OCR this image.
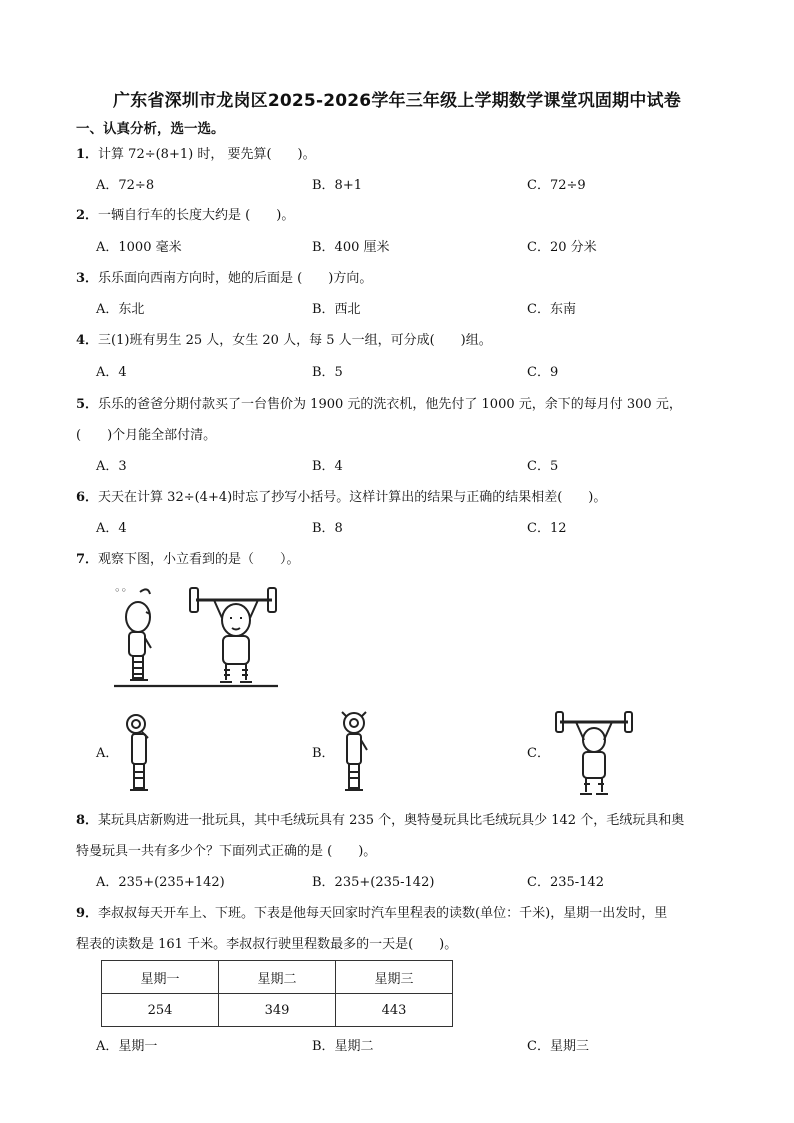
广东省深圳市龙岗区2025-2026学年三年级上学期数学课堂巩固期中试卷
一、认真分析，选一选。
1．计算 72÷(8+1) 时， 要先算(　　)。
A．72÷8	B．8+1	C．72÷9
2．一辆自行车的长度大约是 (　　)。
A．1000 毫米	B．400 厘米	C．20 分米
3．乐乐面向西南方向时，她的后面是 (　　)方向。
A．东北	B．西北	C．东南
4．三(1)班有男生 25 人，女生 20 人，每 5 人一组，可分成(　　)组。
A．4	B．5	C．9
5．乐乐的爸爸分期付款买了一台售价为 1900 元的洗衣机，他先付了 1000 元，余下的每月付 300 元，
(　　)个月能全部付清。
A．3	B．4	C．5
6．天天在计算 32÷(4+4)时忘了抄写小括号。这样计算出的结果与正确的结果相差(　　)。
A．4	B．8	C．12
7．观察下图，小立看到的是（　　）。
◦◦
A．	B．	C．
8．某玩具店新购进一批玩具，其中毛绒玩具有 235 个，奥特曼玩具比毛绒玩具少 142 个，毛绒玩具和奥
特曼玩具一共有多少个？下面列式正确的是 (　　)。
A．235+(235+142)	B．235+(235-142)	C．235-142
9．李叔叔每天开车上、下班。下表是他每天回家时汽车里程表的读数(单位：千米)，星期一出发时，里
程表的读数是 161 千米。李叔叔行驶里程数最多的一天是(　　)。
星期一	星期二	星期三
254	349	443
A．星期一	B．星期二	C．星期三
